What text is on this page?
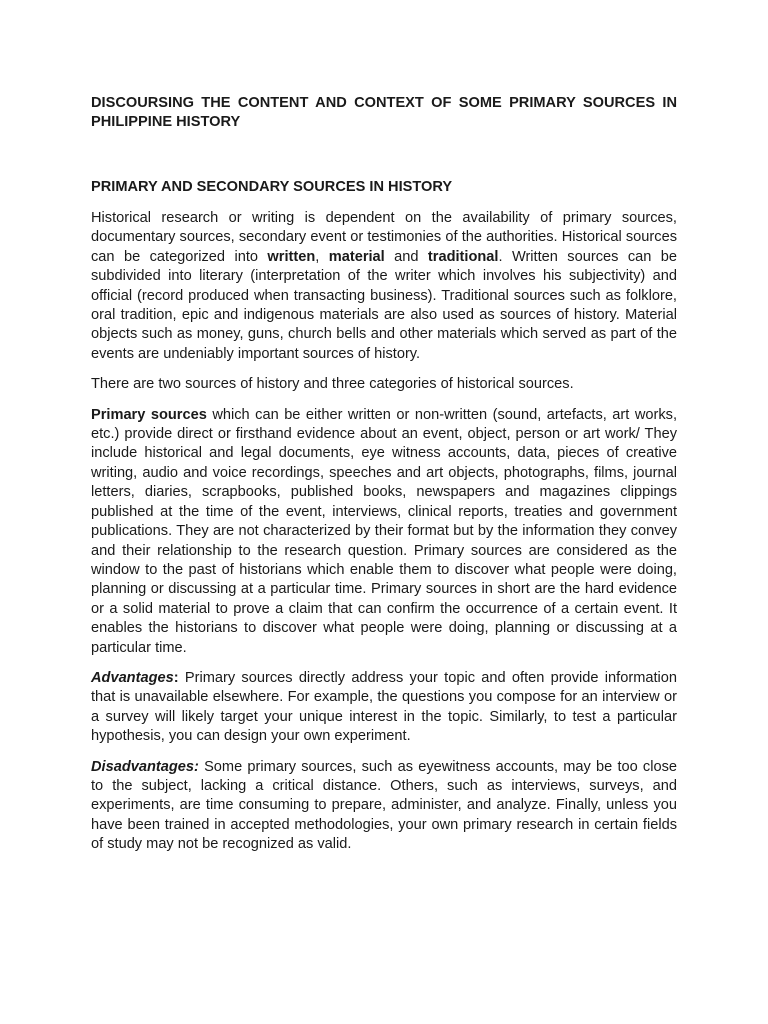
DISCOURSING THE CONTENT AND CONTEXT OF SOME PRIMARY SOURCES IN PHILIPPINE HISTORY
PRIMARY AND SECONDARY SOURCES IN HISTORY

Historical research or writing is dependent on the availability of primary sources, documentary sources, secondary event or testimonies of the authorities. Historical sources can be categorized into written, material and traditional. Written sources can be subdivided into literary (interpretation of the writer which involves his subjectivity) and official (record produced when transacting business). Traditional sources such as folklore, oral tradition, epic and indigenous materials are also used as sources of history. Material objects such as money, guns, church bells and other materials which served as part of the events are undeniably important sources of history.

There are two sources of history and three categories of historical sources.

Primary sources which can be either written or non-written (sound, artefacts, art works, etc.) provide direct or firsthand evidence about an event, object, person or art work/ They include historical and legal documents, eye witness accounts, data, pieces of creative writing, audio and voice recordings, speeches and art objects, photographs, films, journal letters, diaries, scrapbooks, published books, newspapers and magazines clippings published at the time of the event, interviews, clinical reports, treaties and government publications. They are not characterized by their format but by the information they convey and their relationship to the research question. Primary sources are considered as the window to the past of historians which enable them to discover what people were doing, planning or discussing at a particular time. Primary sources in short are the hard evidence or a solid material to prove a claim that can confirm the occurrence of a certain event. It enables the historians to discover what people were doing, planning or discussing at a particular time.

Advantages: Primary sources directly address your topic and often provide information that is unavailable elsewhere. For example, the questions you compose for an interview or a survey will likely target your unique interest in the topic. Similarly, to test a particular hypothesis, you can design your own experiment.

Disadvantages: Some primary sources, such as eyewitness accounts, may be too close to the subject, lacking a critical distance. Others, such as interviews, surveys, and experiments, are time consuming to prepare, administer, and analyze. Finally, unless you have been trained in accepted methodologies, your own primary research in certain fields of study may not be recognized as valid.
